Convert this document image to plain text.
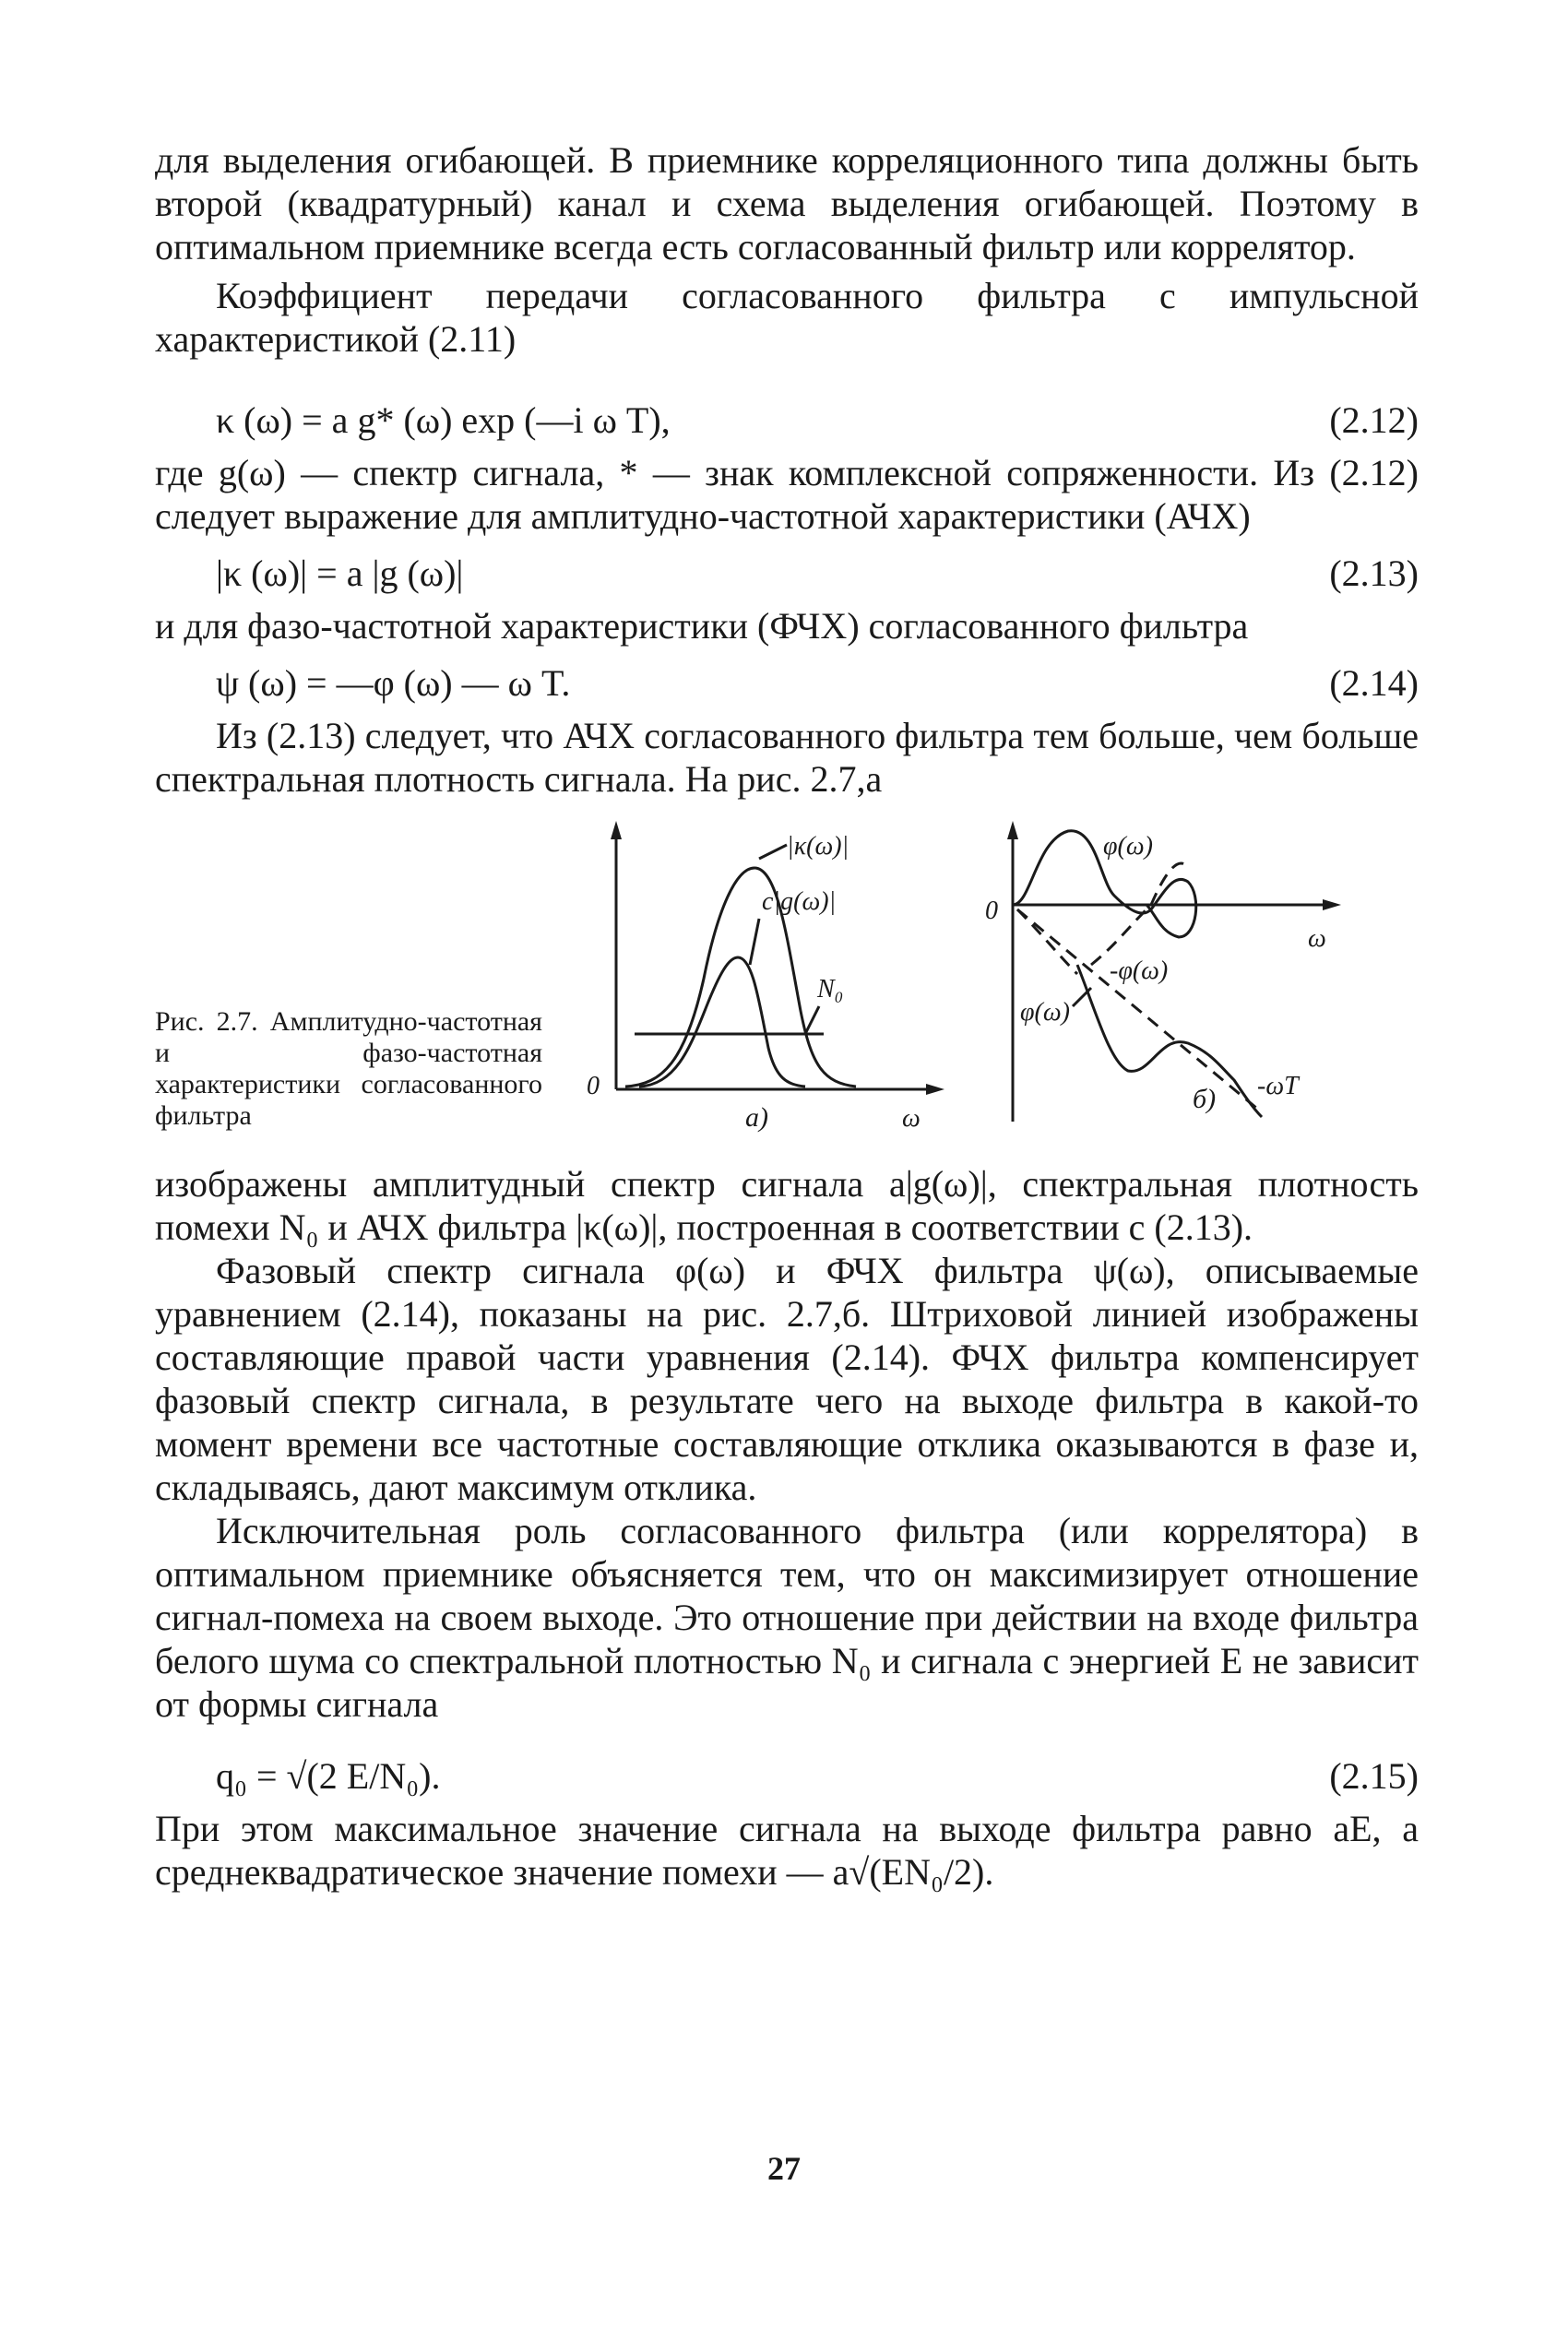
для выделения огибающей. В приемнике корреляционного типа должны быть второй (квадратурный) канал и схема выделения огибающей. Поэтому в оптимальном приемнике всегда есть согласованный фильтр или коррелятор.

Коэффициент передачи согласованного фильтра с импульсной характеристикой (2.11)

κ (ω) = a g* (ω) exp (—i ω T),	(2.12)

где g(ω) — спектр сигнала, * — знак комплексной сопряженности. Из (2.12) следует выражение для амплитудно-частотной характеристики (АЧХ)

|κ (ω)| = a |g (ω)|	(2.13)

и для фазо-частотной характеристики (ФЧХ) согласованного фильтра

ψ (ω) = —φ (ω) — ω T.	(2.14)

Из (2.13) следует, что АЧХ согласованного фильтра тем больше, чем больше спектральная плотность сигнала. На рис. 2.7,а

Рис. 2.7. Амплитудно-частотная и фазо-частотная характеристики согласованного фильтра
|κ(ω)|
c|g(ω)|
N₀
0
ω
а)
φ(ω)
-φ(ω)
φ(ω)
-ωT
0
ω
б)

изображены амплитудный спектр сигнала a|g(ω)|, спектральная плотность помехи N₀ и АЧХ фильтра |κ(ω)|, построенная в соответствии с (2.13).

Фазовый спектр сигнала φ(ω) и ФЧХ фильтра ψ(ω), описываемые уравнением (2.14), показаны на рис. 2.7,б. Штриховой линией изображены составляющие правой части уравнения (2.14). ФЧХ фильтра компенсирует фазовый спектр сигнала, в результате чего на выходе фильтра в какой-то момент времени все частотные составляющие отклика оказываются в фазе и, складываясь, дают максимум отклика.

Исключительная роль согласованного фильтра (или коррелятора) в оптимальном приемнике объясняется тем, что он максимизирует отношение сигнал-помеха на своем выходе. Это отношение при действии на входе фильтра белого шума со спектральной плотностью N₀ и сигнала с энергией E не зависит от формы сигнала

q₀ = √(2 E/N₀).	(2.15)

При этом максимальное значение сигнала на выходе фильтра равно aE, а среднеквадратическое значение помехи — a√(EN₀/2).

27
